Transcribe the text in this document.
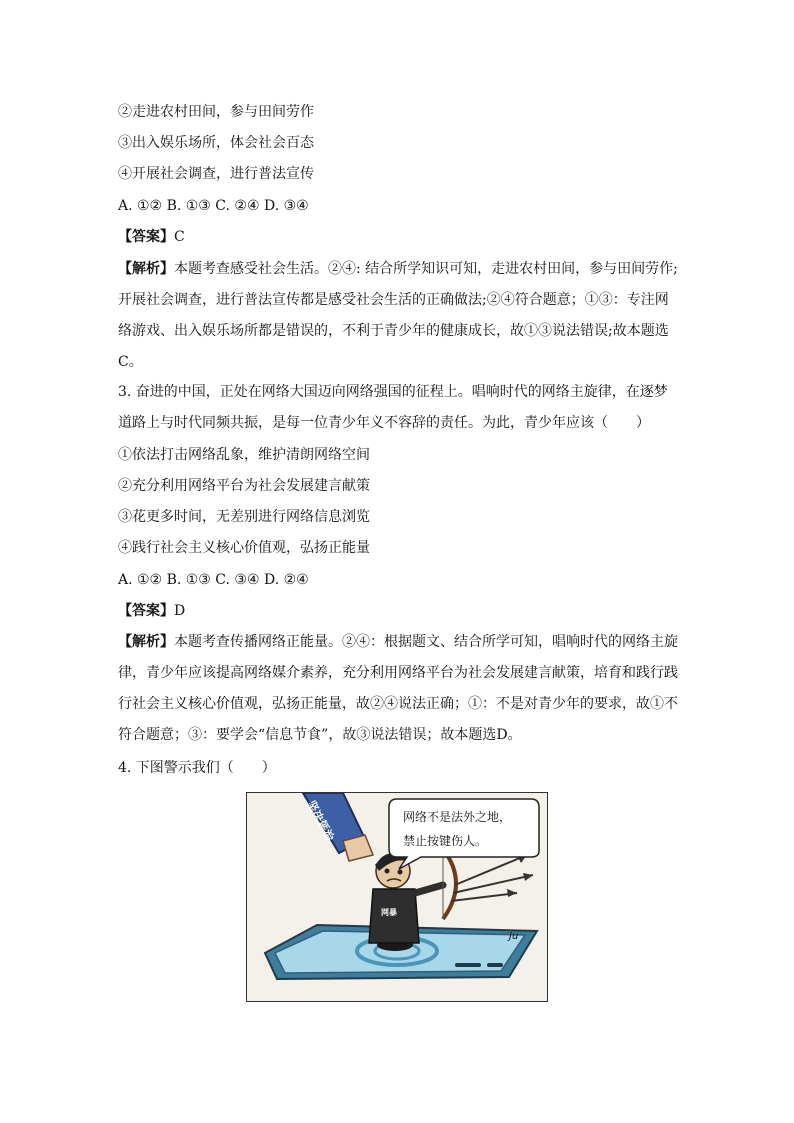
②走进农村田间，参与田间劳作
③出入娱乐场所，体会社会百态
④开展社会调查，进行普法宣传
A. ①② B. ①③ C. ②④ D. ③④
【答案】C
【解析】本题考查感受社会生活。②④: 结合所学知识可知，走进农村田间，参与田间劳作;开展社会调查，进行普法宣传都是感受社会生活的正确做法;②④符合题意；①③：专注网络游戏、出入娱乐场所都是错误的，不利于青少年的健康成长，故①③说法错误;故本题选C。
3. 奋进的中国，正处在网络大国迈向网络强国的征程上。唱响时代的网络主旋律，在逐梦道路上与时代同频共振，是每一位青少年义不容辞的责任。为此，青少年应该（　　）
①依法打击网络乱象，维护清朗网络空间
②充分利用网络平台为社会发展建言献策
③花更多时间，无差别进行网络信息浏览
④践行社会主义核心价值观，弘扬正能量
A. ①② B. ①③ C. ③④ D. ②④
【答案】D
【解析】本题考查传播网络正能量。②④：根据题文、结合所学可知，唱响时代的网络主旋律，青少年应该提高网络媒介素养，充分利用网络平台为社会发展建言献策，培育和践行践行社会主义核心价值观，弘扬正能量，故②④说法正确；①：不是对青少年的要求，故①不符合题意；③：要学会“信息节食”，故③说法错误；故本题选D。
4. 下图警示我们（　　）
坚决惩治
网暴
网络不是法外之地，
禁止按键伤人。
Ju
